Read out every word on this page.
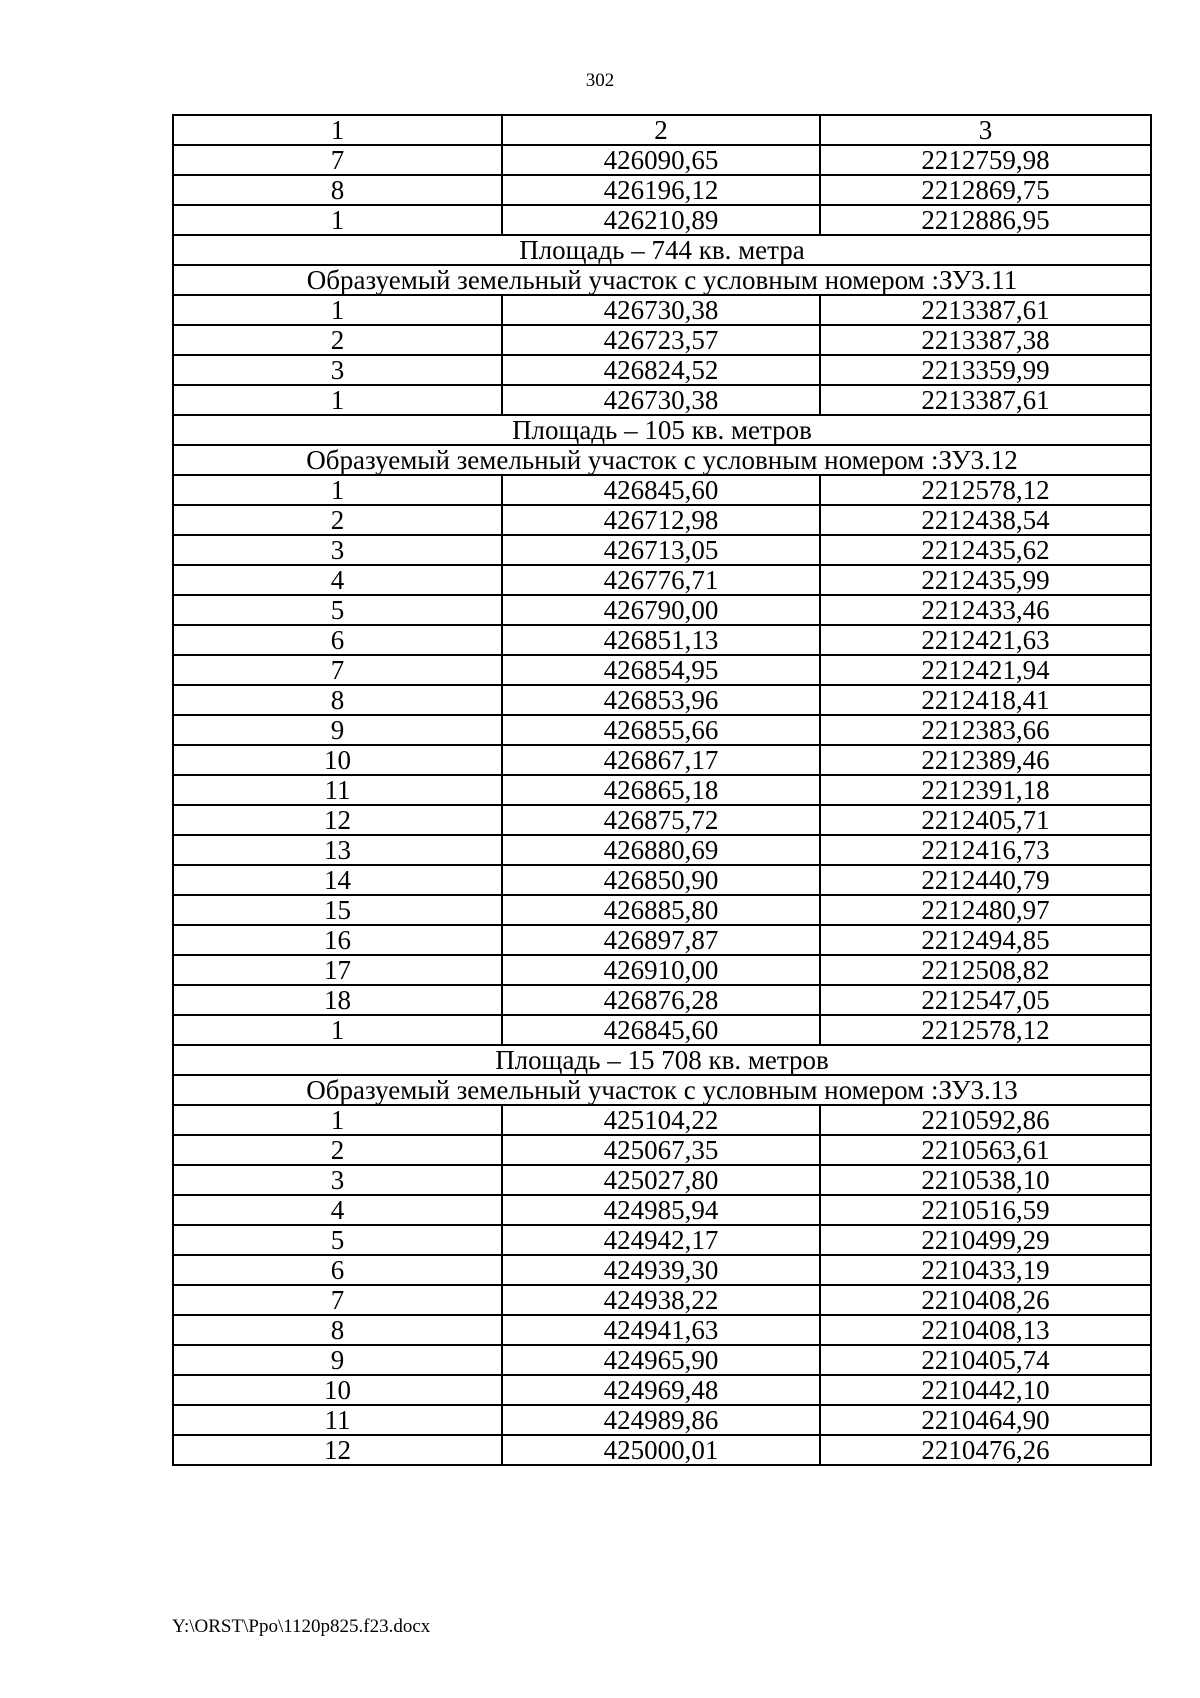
302
1	2	3
7	426090,65	2212759,98
8	426196,12	2212869,75
1	426210,89	2212886,95
Площадь – 744 кв. метра		
Образуемый земельный участок с условным номером :ЗУ3.11		
1	426730,38	2213387,61
2	426723,57	2213387,38
3	426824,52	2213359,99
1	426730,38	2213387,61
Площадь – 105 кв. метров		
Образуемый земельный участок с условным номером :ЗУ3.12		
1	426845,60	2212578,12
2	426712,98	2212438,54
3	426713,05	2212435,62
4	426776,71	2212435,99
5	426790,00	2212433,46
6	426851,13	2212421,63
7	426854,95	2212421,94
8	426853,96	2212418,41
9	426855,66	2212383,66
10	426867,17	2212389,46
11	426865,18	2212391,18
12	426875,72	2212405,71
13	426880,69	2212416,73
14	426850,90	2212440,79
15	426885,80	2212480,97
16	426897,87	2212494,85
17	426910,00	2212508,82
18	426876,28	2212547,05
1	426845,60	2212578,12
Площадь – 15 708 кв. метров		
Образуемый земельный участок с условным номером :ЗУ3.13		
1	425104,22	2210592,86
2	425067,35	2210563,61
3	425027,80	2210538,10
4	424985,94	2210516,59
5	424942,17	2210499,29
6	424939,30	2210433,19
7	424938,22	2210408,26
8	424941,63	2210408,13
9	424965,90	2210405,74
10	424969,48	2210442,10
11	424989,86	2210464,90
12	425000,01	2210476,26
Y:\ORST\Ppo\1120p825.f23.docx
